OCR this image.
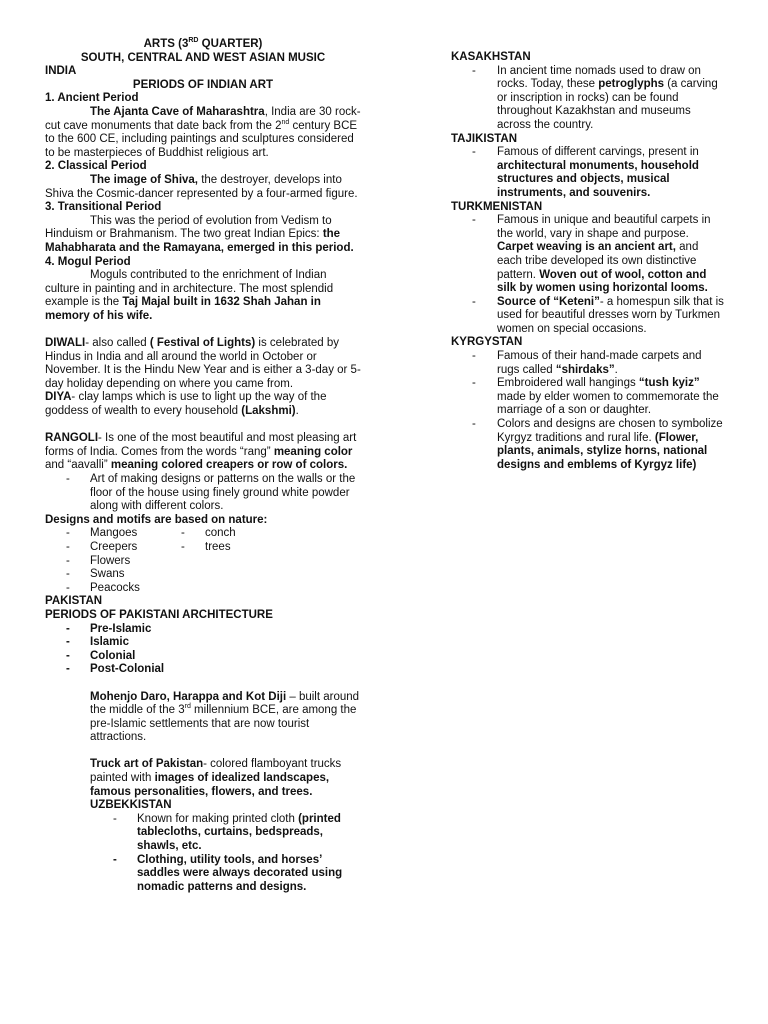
ARTS (3RD QUARTER)

SOUTH, CENTRAL AND WEST ASIAN MUSIC

INDIA

PERIODS OF INDIAN ART

1. Ancient Period

The Ajanta Cave of Maharashtra, India are 30 rock-cut cave monuments that date back from the 2nd century BCE to the 600 CE, including paintings and sculptures considered to be masterpieces of Buddhist religious art.

2. Classical Period

The image of Shiva, the destroyer, develops into Shiva the Cosmic-dancer represented by a four-armed figure.

3. Transitional Period

This was the period of evolution from Vedism to Hinduism or Brahmanism. The two great Indian Epics: the Mahabharata and the Ramayana, emerged in this period.

4. Mogul Period

Moguls contributed to the enrichment of Indian culture in painting and in architecture. The most splendid example is the Taj Majal built in 1632 Shah Jahan in memory of his wife.

DIWALI- also called ( Festival of Lights) is celebrated by Hindus in India and all around the world in October or November. It is the Hindu New Year and is either a 3-day or 5-day holiday depending on where you came from.

DIYA- clay lamps which is use to light up the way of the goddess of wealth to every household (Lakshmi).

RANGOLI- Is one of the most beautiful and most pleasing art forms of India. Comes from the words “rang” meaning color and “aavalli” meaning colored creapers or row of colors.

-	Art of making designs or patterns on the walls or the floor of the house using finely ground white powder along with different colors.

Designs and motifs are based on nature:

-	Mangoes	-	conch
-	Creepers	-	trees
-	Flowers
-	Swans
-	Peacocks

PAKISTAN

PERIODS OF PAKISTANI ARCHITECTURE

-	Pre-Islamic
-	Islamic
-	Colonial
-	Post-Colonial

Mohenjo Daro, Harappa and Kot Diji – built around the middle of the 3rd millennium BCE, are among the pre-Islamic settlements that are now tourist attractions.

Truck art of Pakistan- colored flamboyant trucks painted with images of idealized landscapes, famous personalities, flowers, and trees.

UZBEKKISTAN

-	Known for making printed cloth (printed tablecloths, curtains, bedspreads, shawls, etc.
-	Clothing, utility tools, and horses’ saddles were always decorated using nomadic patterns and designs.

KASAKHSTAN

-	In ancient time nomads used to draw on rocks. Today, these petroglyphs (a carving or inscription in rocks) can be found throughout Kazakhstan and museums across the country.

TAJIKISTAN

-	Famous of different carvings, present in architectural monuments, household structures and objects, musical instruments, and souvenirs.

TURKMENISTAN

-	Famous in unique and beautiful carpets in the world, vary in shape and purpose. Carpet weaving is an ancient art, and each tribe developed its own distinctive pattern. Woven out of wool, cotton and silk by women using horizontal looms.
-	Source of “Keteni”- a homespun silk that is used for beautiful dresses worn by Turkmen women on special occasions.

KYRGYSTAN

-	Famous of their hand-made carpets and rugs called “shirdaks”.
-	Embroidered wall hangings “tush kyiz” made by elder women to commemorate the marriage of a son or daughter.
-	Colors and designs are chosen to symbolize Kyrgyz traditions and rural life. (Flower, plants, animals, stylize horns, national designs and emblems of Kyrgyz life)
